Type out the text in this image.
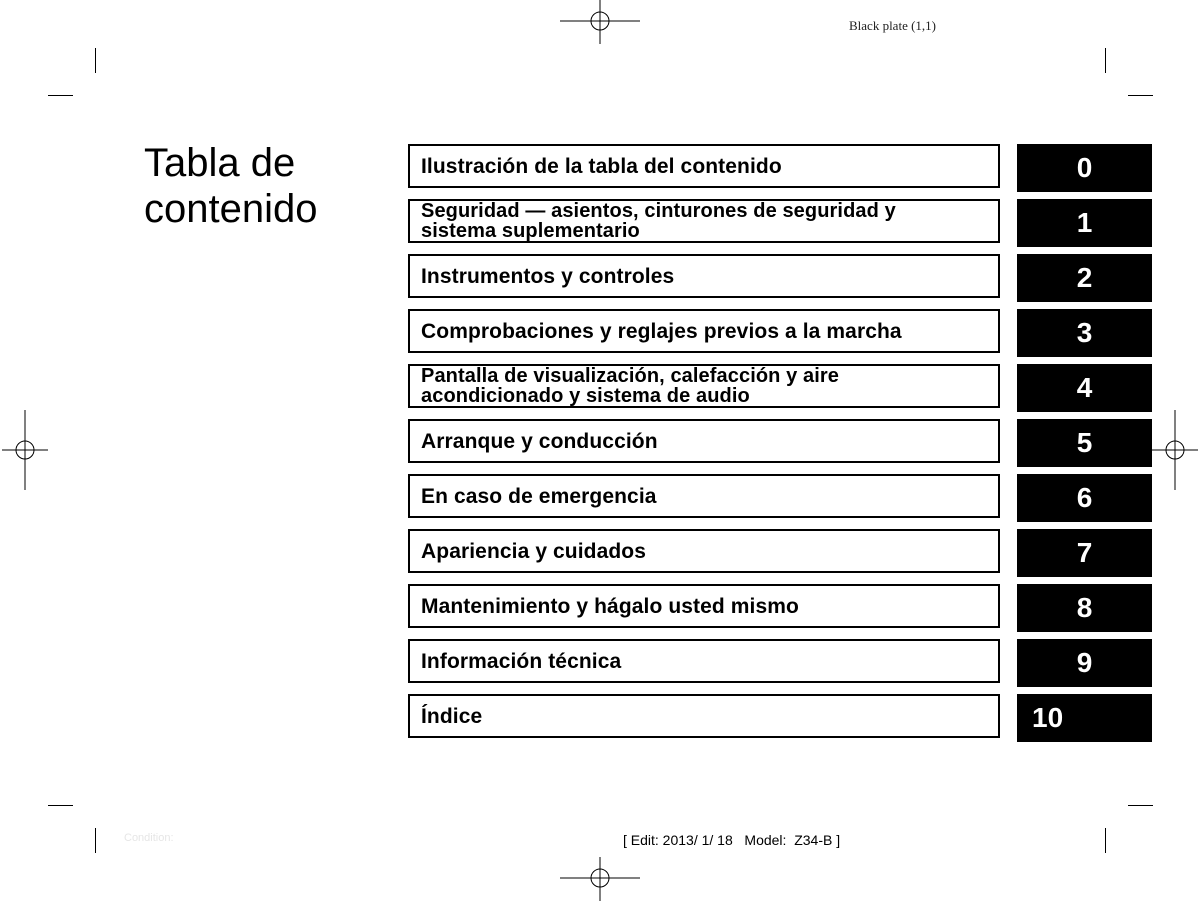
Black plate (1,1)
Tabla de
contenido
Ilustración de la tabla del contenido	0
Seguridad — asientos, cinturones de seguridad y sistema suplementario	1
Instrumentos y controles	2
Comprobaciones y reglajes previos a la marcha	3
Pantalla de visualización, calefacción y aire acondicionado y sistema de audio	4
Arranque y conducción	5
En caso de emergencia	6
Apariencia y cuidados	7
Mantenimiento y hágalo usted mismo	8
Información técnica	9
Índice	10
Condition:	[ Edit: 2013/ 1/ 18   Model:  Z34-B ]
